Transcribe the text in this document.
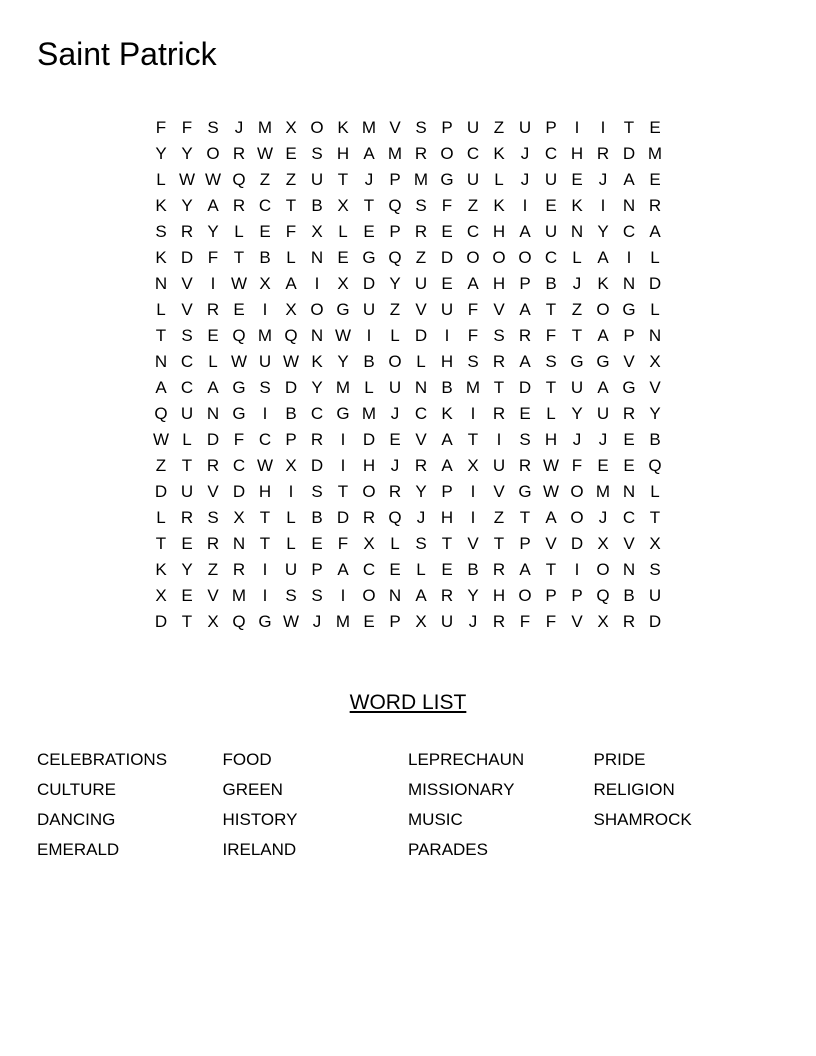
Saint Patrick
F F S J M X O K M V S P U Z U P	I	I	T E
Y Y O R W E S H A M R O C K J C H R D M
L W W Q Z Z U T J P M G U L	J U E J A E
K Y A R C T B X T Q S F Z K	I	E K	I	N R
S R Y L E F X L E P R E C H A U N Y C A
K D F T B L N E G Q Z D O O O C L A	I	L
N V	I W X A	I	X D Y U E A H P B J K N D
L V R E	I	X O G U Z V U F V A T Z O G L
T S E Q M Q N W I	L D	I	F S R F T A P N
N C L W U W K Y B O L H S R A S G G V X
A C A G S D Y M L U N B M T D T U A G V
Q U N G	I	B C G M J C K	I	R E L Y U R Y
W L D F C P R	I	D E V A T	I	S H J	J E B
Z T R C W X D	I	H J R A X U R W F E E Q
D U V D H	I	S T O R Y P	I	V G W O M N L
L R S X T L B D R Q J H	I	Z T A O J C T
T E R N T L E F X L S T V T P V D X V X
K Y Z R	I	U P A C E L E B R A T	I	O N S
X E V M I	S S	I	O N A R Y H O P P Q B U
D T X Q G W J M E P X U J R F F V X R D
WORD LIST
CELEBRATIONS
CULTURE
DANCING
EMERALD
FOOD
GREEN
HISTORY
IRELAND
LEPRECHAUN
MISSIONARY
MUSIC
PARADES
PRIDE
RELIGION
SHAMROCK
